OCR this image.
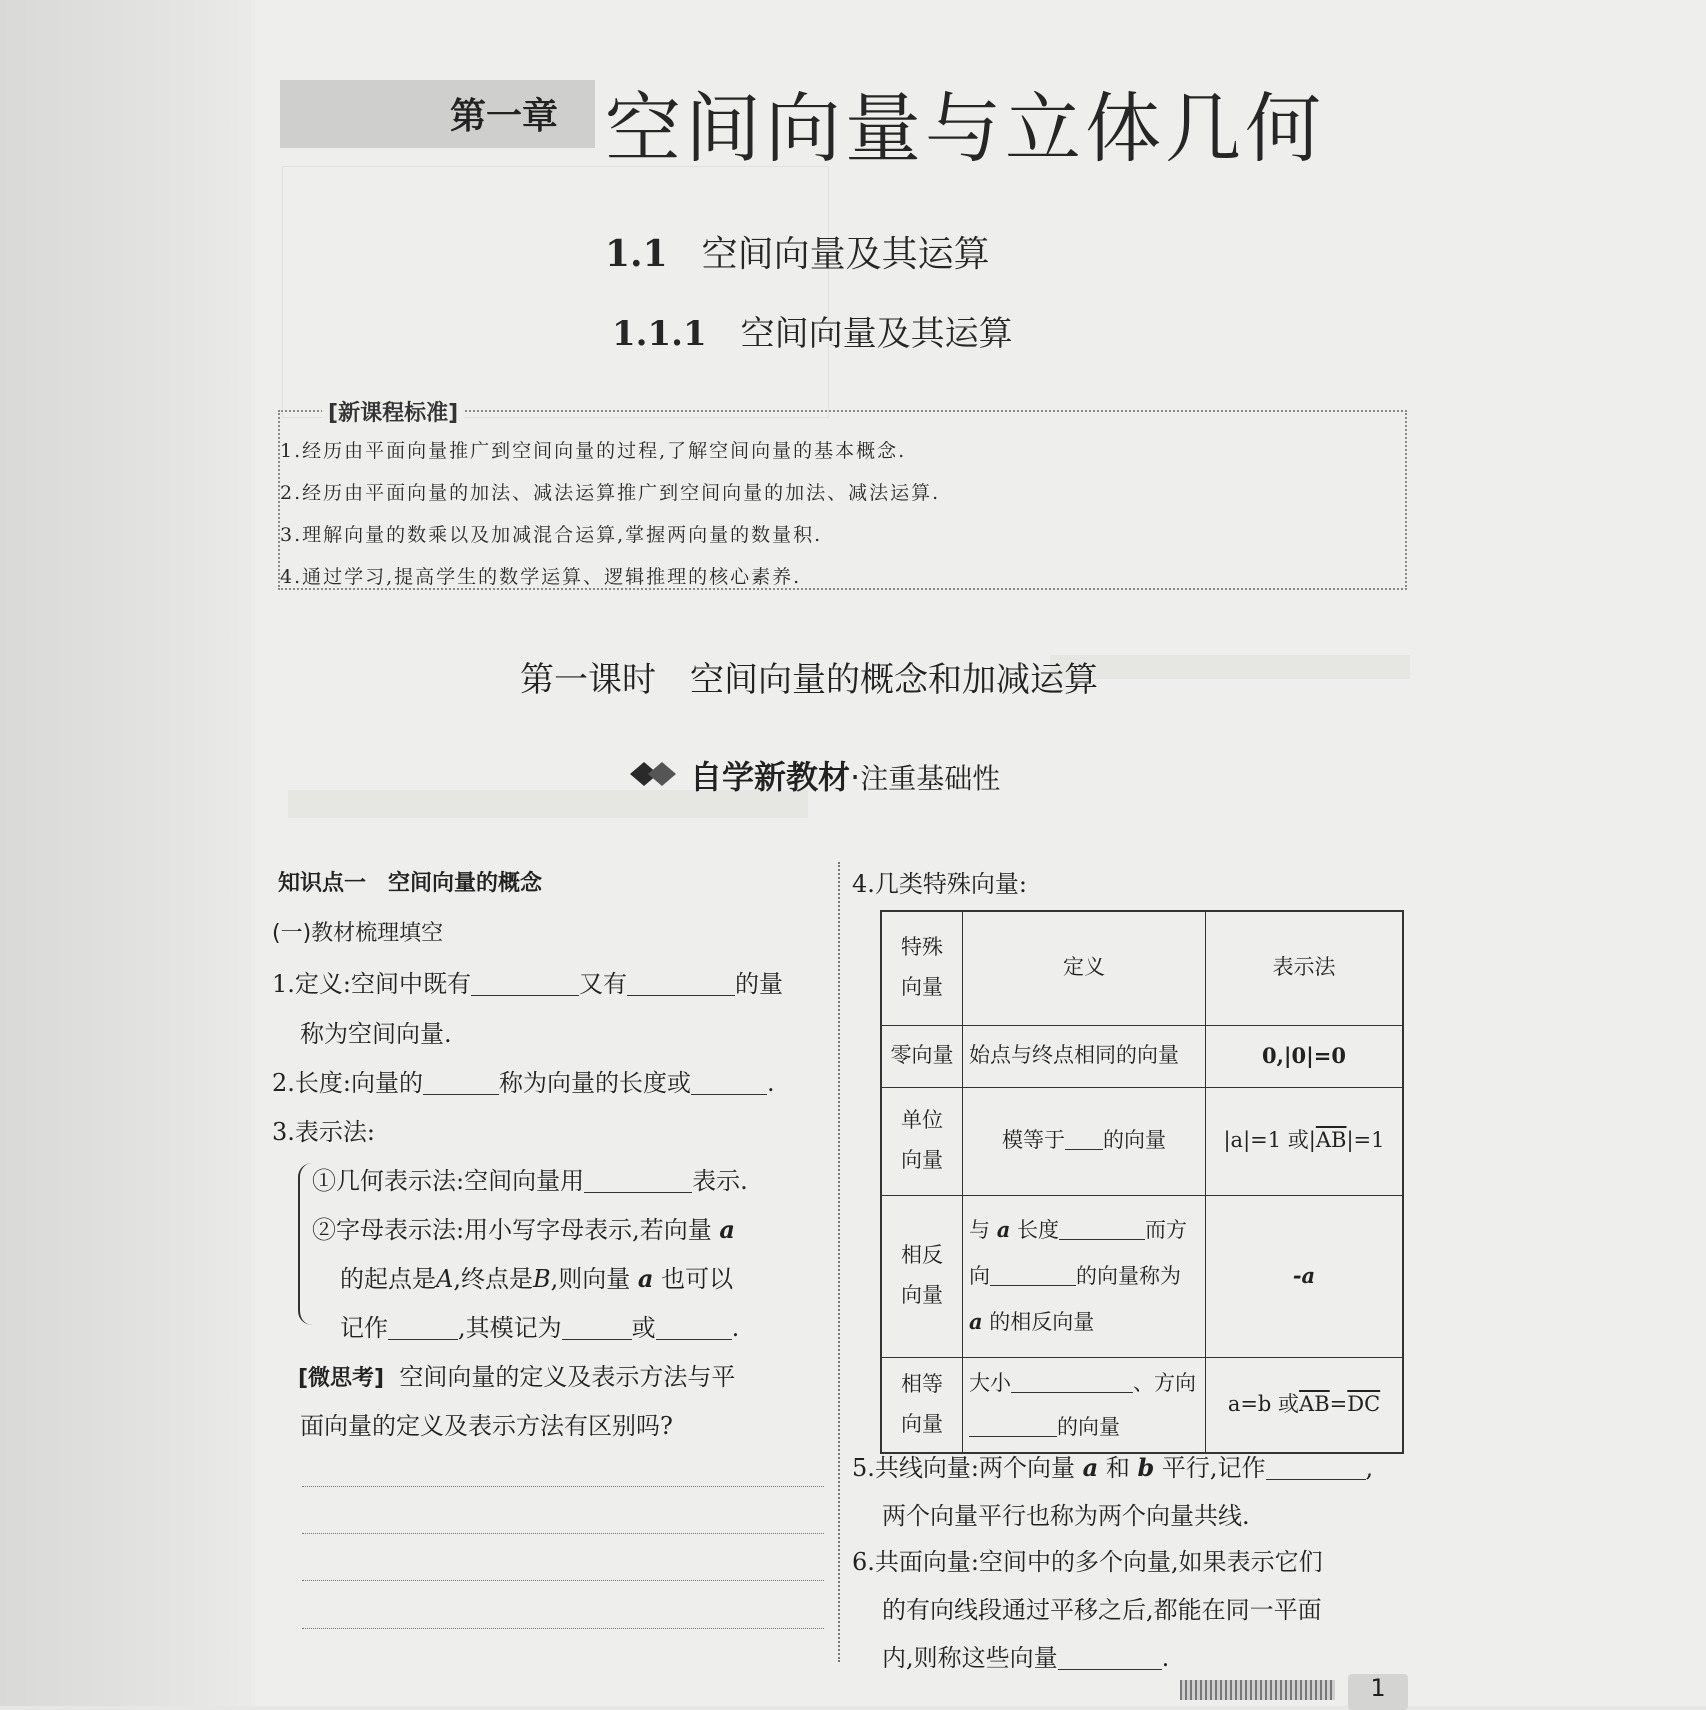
第一章 空间向量与立体几何
1.1 空间向量及其运算
1.1.1 空间向量及其运算
[新课程标准]
1.经历由平面向量推广到空间向量的过程,了解空间向量的基本概念.
2.经历由平面向量的加法、减法运算推广到空间向量的加法、减法运算.
3.理解向量的数乘以及加减混合运算,掌握两向量的数量积.
4.通过学习,提高学生的数学运算、逻辑推理的核心素养.
第一课时　空间向量的概念和加减运算
自学新教材·注重基础性
知识点一　空间向量的概念
(一)教材梳理填空
1.定义:空间中既有	又有	的量
称为空间向量.
2.长度:向量的	称为向量的长度或	.
3.表示法:
①几何表示法:空间向量用	表示.
②字母表示法:用小写字母表示,若向量 a
的起点是A,终点是B,则向量 a 也可以
记作	,其模记为	或	.
[微思考] 空间向量的定义及表示方法与平
面向量的定义及表示方法有区别吗?
4.几类特殊向量:
特殊
向量	定义	表示法
零向量	始点与终点相同的向量	0,|0|=0
单位
向量	模等于 的向量	|a|=1 或$|\overline{AB}|=1$
相反
向量	与 a 长度 而方
向 的向量称为
a 的相反向量	-a
相等
向量	大小 、方向
的向量	a=b 或$\overline{AB}=\overline{DC}$
5.共线向量:两个向量 a 和 b 平行,记作	,
两个向量平行也称为两个向量共线.
6.共面向量:空间中的多个向量,如果表示它们
的有向线段通过平移之后,都能在同一平面
内,则称这些向量	.
1
